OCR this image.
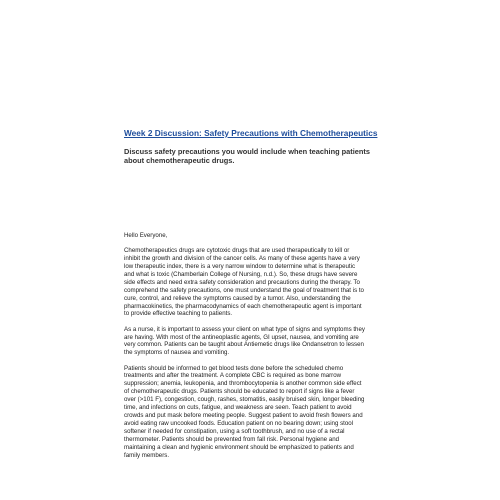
Week 2 Discussion: Safety Precautions with Chemotherapeutics
Discuss safety precautions you would include when teaching patients
about chemotherapeutic drugs.

Hello Everyone,

Chemotherapeutics drugs are cytotoxic drugs that are used therapeutically to kill or
inhibit the growth and division of the cancer cells. As many of these agents have a very
low therapeutic index, there is a very narrow window to determine what is therapeutic
and what is toxic (Chamberlain College of Nursing, n.d.). So, these drugs have severe
side effects and need extra safety consideration and precautions during the therapy. To
comprehend the safety precautions, one must understand the goal of treatment that is to
cure, control, and relieve the symptoms caused by a tumor. Also, understanding the
pharmacokinetics, the pharmacodynamics of each chemotherapeutic agent is important
to provide effective teaching to patients.

As a nurse, it is important to assess your client on what type of signs and symptoms they
are having. With most of the antineoplastic agents, GI upset, nausea, and vomiting are
very common. Patients can be taught about Antiemetic drugs like Ondansetron to lessen
the symptoms of nausea and vomiting.

Patients should be informed to get blood tests done before the scheduled chemo
treatments and after the treatment. A complete CBC is required as bone marrow
suppression; anemia, leukopenia, and thrombocytopenia is another common side effect
of chemotherapeutic drugs. Patients should be educated to report if signs like a fever
over (>101 F), congestion, cough, rashes, stomatitis, easily bruised skin, longer bleeding
time, and infections on cuts, fatigue, and weakness are seen. Teach patient to avoid
crowds and put mask before meeting people. Suggest patient to avoid fresh flowers and
avoid eating raw uncooked foods. Education patient on no bearing down; using stool
softener if needed for constipation, using a soft toothbrush, and no use of a rectal
thermometer. Patients should be prevented from fall risk. Personal hygiene and
maintaining a clean and hygienic environment should be emphasized to patients and
family members.
